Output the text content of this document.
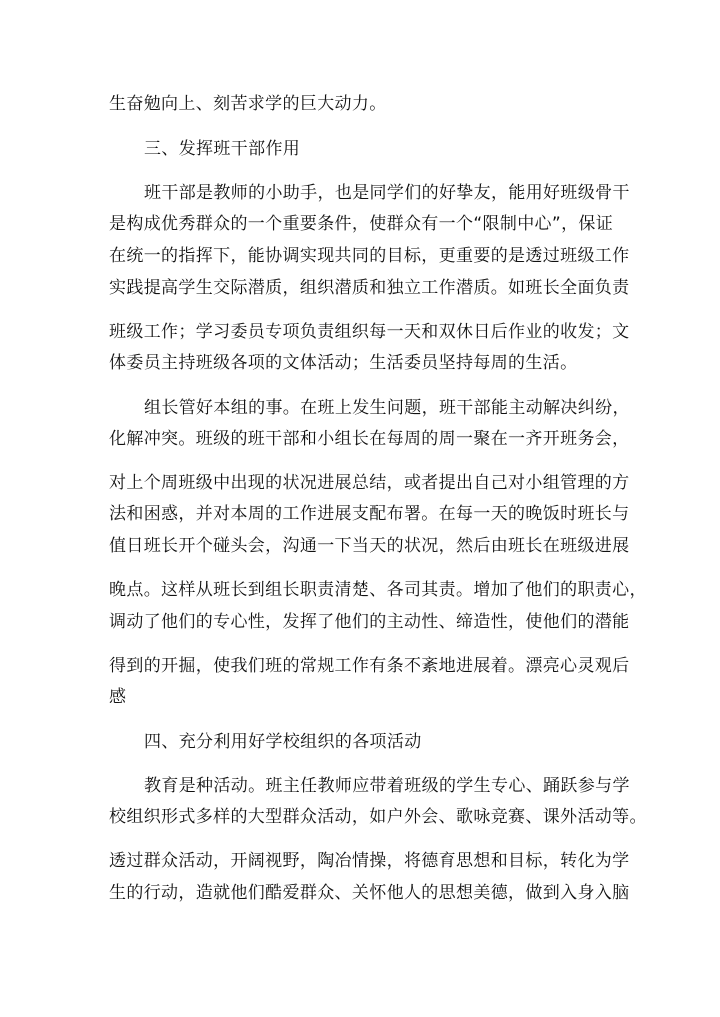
生奋勉向上、刻苦求学的巨大动力。

三、发挥班干部作用

班干部是教师的小助手，也是同学们的好挚友，能用好班级骨干

是构成优秀群众的一个重要条件，使群众有一个“限制中心”，保证

在统一的指挥下，能协调实现共同的目标，更重要的是透过班级工作

实践提高学生交际潜质，组织潜质和独立工作潜质。如班长全面负责

班级工作；学习委员专项负责组织每一天和双休日后作业的收发；文

体委员主持班级各项的文体活动；生活委员坚持每周的生活。

组长管好本组的事。在班上发生问题，班干部能主动解决纠纷，

化解冲突。班级的班干部和小组长在每周的周一聚在一齐开班务会，

对上个周班级中出现的状况进展总结，或者提出自己对小组管理的方

法和困惑，并对本周的工作进展支配布署。在每一天的晚饭时班长与

值日班长开个碰头会，沟通一下当天的状况，然后由班长在班级进展

晚点。这样从班长到组长职责清楚、各司其责。增加了他们的职责心，

调动了他们的专心性，发挥了他们的主动性、缔造性，使他们的潜能

得到的开掘，使我们班的常规工作有条不紊地进展着。漂亮心灵观后

感

四、充分利用好学校组织的各项活动

教育是种活动。班主任教师应带着班级的学生专心、踊跃参与学

校组织形式多样的大型群众活动，如户外会、歌咏竞赛、课外活动等。

透过群众活动，开阔视野，陶冶情操，将德育思想和目标，转化为学

生的行动，造就他们酷爱群众、关怀他人的思想美德，做到入身入脑
